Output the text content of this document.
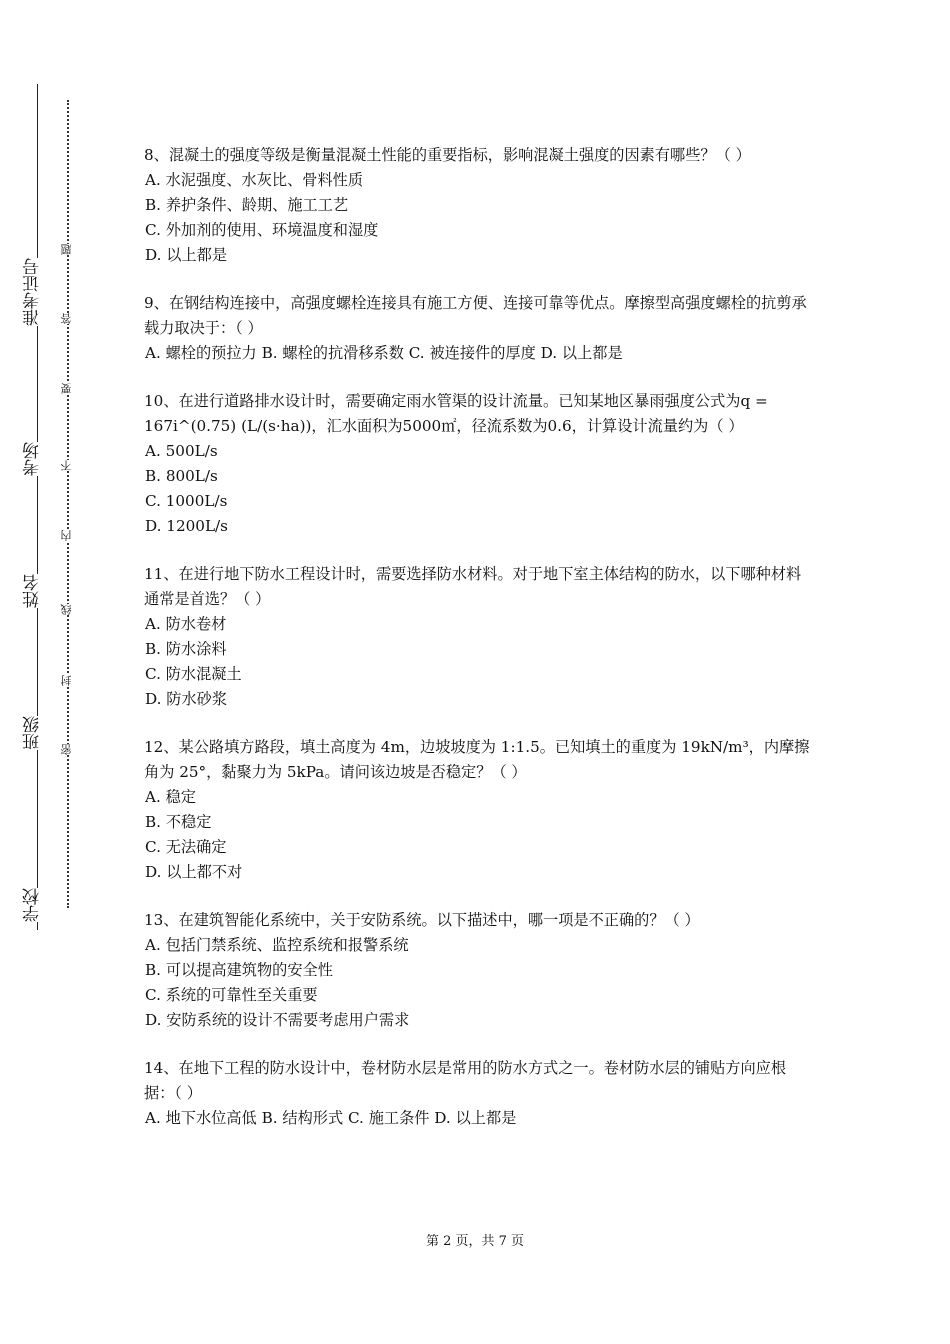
准考证号
考场
姓名
班级
学校
题
答
要
不
内
线
封
密

8、混凝土的强度等级是衡量混凝土性能的重要指标，影响混凝土强度的因素有哪些？（ ）

A. 水泥强度、水灰比、骨料性质

B. 养护条件、龄期、施工工艺

C. 外加剂的使用、环境温度和湿度

D. 以上都是

9、在钢结构连接中，高强度螺栓连接具有施工方便、连接可靠等优点。摩擦型高强度螺栓的抗剪承载力取决于：（ ）

A. 螺栓的预拉力 B. 螺栓的抗滑移系数 C. 被连接件的厚度 D. 以上都是

10、在进行道路排水设计时，需要确定雨水管渠的设计流量。已知某地区暴雨强度公式为q = 167i^(0.75) (L/(s·ha))，汇水面积为5000㎡，径流系数为0.6，计算设计流量约为（ ）

A. 500L/s

B. 800L/s

C. 1000L/s

D. 1200L/s

11、在进行地下防水工程设计时，需要选择防水材料。对于地下室主体结构的防水，以下哪种材料通常是首选？（ ）

A. 防水卷材

B. 防水涂料

C. 防水混凝土

D. 防水砂浆

12、某公路填方路段，填土高度为 4m，边坡坡度为 1:1.5。已知填土的重度为 19kN/m³，内摩擦角为 25°，黏聚力为 5kPa。请问该边坡是否稳定？（ ）

A. 稳定

B. 不稳定

C. 无法确定

D. 以上都不对

13、在建筑智能化系统中，关于安防系统。以下描述中，哪一项是不正确的？（ ）

A. 包括门禁系统、监控系统和报警系统

B. 可以提高建筑物的安全性

C. 系统的可靠性至关重要

D. 安防系统的设计不需要考虑用户需求

14、在地下工程的防水设计中，卷材防水层是常用的防水方式之一。卷材防水层的铺贴方向应根据：（ ）

A. 地下水位高低 B. 结构形式 C. 施工条件 D. 以上都是

第 2 页，共 7 页
